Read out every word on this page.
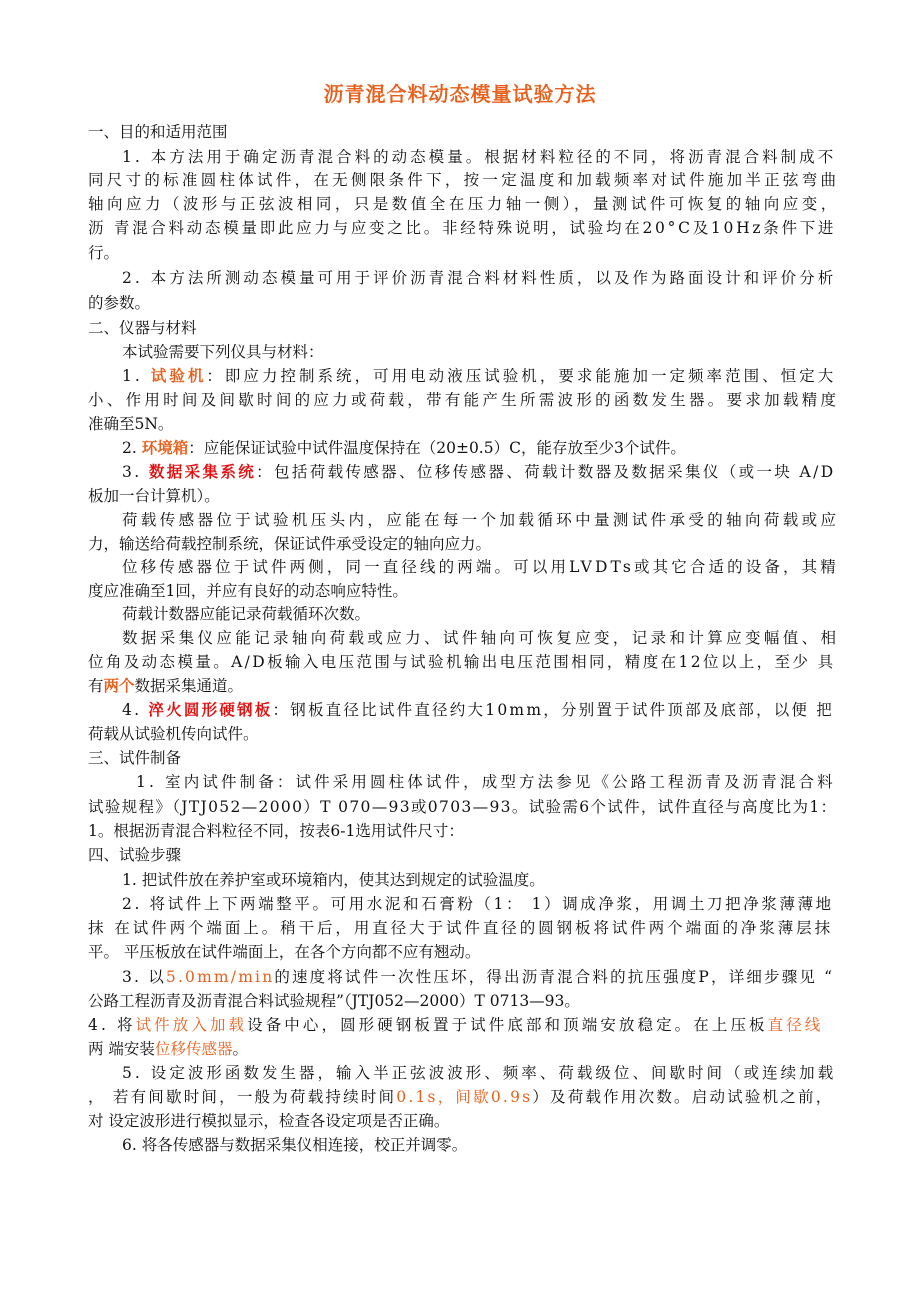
沥青混合料动态模量试验方法
一、目的和适用范围
1. 本方法用于确定沥青混合料的动态模量。根据材料粒径的不同，将沥青混合料制成不
同尺寸的标准圆柱体试件，在无侧限条件下，按一定温度和加载频率对试件施加半正弦弯曲
轴向应力（波形与正弦波相同，只是数值全在压力轴一侧），量测试件可恢复的轴向应变，
沥 青混合料动态模量即此应力与应变之比。非经特殊说明，试验均在20°C及10Hz条件下进
行。
2. 本方法所测动态模量可用于评价沥青混合料材料性质，以及作为路面设计和评价分析
的参数。
二、仪器与材料
本试验需要下列仪具与材料：
1. 试验机：即应力控制系统，可用电动液压试验机，要求能施加一定频率范围、恒定大
小、作用时间及间歇时间的应力或荷载，带有能产生所需波形的函数发生器。要求加载精度
准确至5N。
2. 环境箱：应能保证试验中试件温度保持在（20±0.5）C，能存放至少3个试件。
3. 数据采集系统：包括荷载传感器、位移传感器、荷载计数器及数据采集仪（或一块 A/D
板加一台计算机）。
荷载传感器位于试验机压头内，应能在每一个加载循环中量测试件承受的轴向荷载或应
力，输送给荷载控制系统，保证试件承受设定的轴向应力。
位移传感器位于试件两侧，同一直径线的两端。可以用LVDTs或其它合适的设备，其精
度应准确至1回，并应有良好的动态响应特性。
荷载计数器应能记录荷载循环次数。
数据采集仪应能记录轴向荷载或应力、试件轴向可恢复应变，记录和计算应变幅值、相
位角及动态模量。A/D板输入电压范围与试验机输出电压范围相同，精度在12位以上，至少 具
有两个数据采集通道。
4. 淬火圆形硬钢板：钢板直径比试件直径约大10mm，分别置于试件顶部及底部，以便 把
荷载从试验机传向试件。
三、试件制备
1. 室内试件制备：试件采用圆柱体试件，成型方法参见《公路工程沥青及沥青混合料
试验规程》（JTJ052—2000）T 070—93或0703—93。试验需6个试件，试件直径与高度比为1：
1。根据沥青混合料粒径不同，按表6-1选用试件尺寸：
四、试验步骤
1. 把试件放在养护室或环境箱内，使其达到规定的试验温度。
2. 将试件上下两端整平。可用水泥和石膏粉（1： 1）调成净浆，用调土刀把净浆薄薄地
抹 在试件两个端面上。稍干后，用直径大于试件直径的圆钢板将试件两个端面的净浆薄层抹
平。 平压板放在试件端面上，在各个方向都不应有翘动。
3. 以5.0mm/min的速度将试件一次性压坏，得出沥青混合料的抗压强度P，详细步骤见 “
公路工程沥青及沥青混合料试验规程”（JTJ052—2000）T 0713—93。
4. 将试件放入加载设备中心，圆形硬钢板置于试件底部和顶端安放稳定。在上压板直径线
两 端安装位移传感器。
5. 设定波形函数发生器，输入半正弦波波形、频率、荷载级位、间歇时间（或连续加载
， 若有间歇时间，一般为荷载持续时间0.1s，间歇0.9s）及荷载作用次数。启动试验机之前，
对 设定波形进行模拟显示，检查各设定项是否正确。
6. 将各传感器与数据采集仪相连接，校正并调零。
